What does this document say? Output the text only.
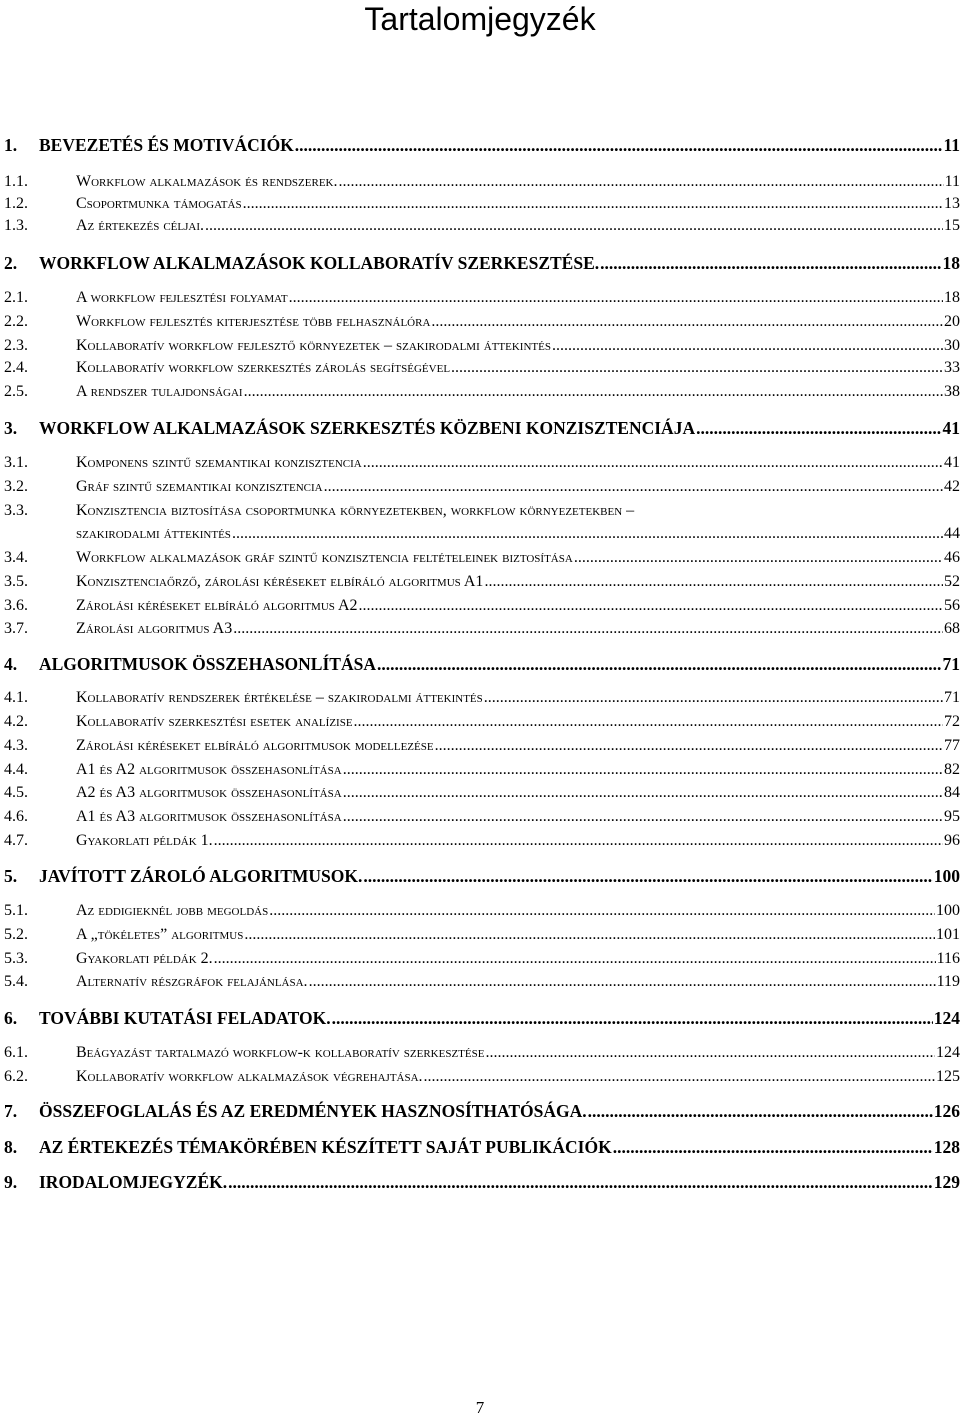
Tartalomjegyzék
1. BEVEZETÉS ÉS MOTIVÁCIÓK .....	11
1.1.	Workflow alkalmazások és rendszerek. .....	11
1.2.	Csoportmunka támogatás .....	13
1.3.	Az értekezés céljai. .....	15
2. WORKFLOW ALKALMAZÁSOK KOLLABORATÍV SZERKESZTÉSE. .....	18
2.1.	A workflow fejlesztési folyamat .....	18
2.2.	Workflow fejlesztés kiterjesztése több felhasználóra .....	20
2.3.	Kollaboratív workflow fejlesztő környezetek – szakirodalmi áttekintés .....	30
2.4.	Kollaboratív workflow szerkesztés zárolás segítségével .....	33
2.5.	A rendszer tulajdonságai .....	38
3. WORKFLOW ALKALMAZÁSOK SZERKESZTÉS KÖZBENI KONZISZTENCIÁJA .....	41
3.1.	Komponens szintű szemantikai konzisztencia .....	41
3.2.	Gráf szintű szemantikai konzisztencia .....	42
3.3.	Konzisztencia biztosítása csoportmunka környezetekben, workflow környezetekben –
szakirodalmi áttekintés .....	44
3.4.	Workflow alkalmazások gráf szintű konzisztencia feltételeinek biztosítása .....	46
3.5.	Konzisztenciaőrző, zárolási kéréseket elbíráló algoritmus A1 .....	52
3.6.	Zárolási kéréseket elbíráló algoritmus A2 .....	56
3.7.	Zárolási algoritmus A3 .....	68
4. ALGORITMUSOK ÖSSZEHASONLÍTÁSA .....	71
4.1.	Kollaboratív rendszerek értékelése – szakirodalmi áttekintés .....	71
4.2.	Kollaboratív szerkesztési esetek analízise .....	72
4.3.	Zárolási kéréseket elbíráló algoritmusok modellezése .....	77
4.4.	A1 és A2 algoritmusok összehasonlítása .....	82
4.5.	A2 és A3 algoritmusok összehasonlítása .....	84
4.6.	A1 és A3 algoritmusok összehasonlítása .....	95
4.7.	Gyakorlati példák 1. .....	96
5. JAVÍTOTT ZÁROLÓ ALGORITMUSOK. .....	100
5.1.	Az eddigieknél jobb megoldás .....	100
5.2.	A „tökéletes” algoritmus .....	101
5.3.	Gyakorlati példák 2. .....	116
5.4.	Alternatív részgráfok felajánlása. .....	119
6. TOVÁBBI KUTATÁSI FELADATOK. .....	124
6.1.	Beágyazást tartalmazó workflow-k kollaboratív szerkesztése .....	124
6.2.	Kollaboratív workflow alkalmazások végrehajtása. .....	125
7. ÖSSZEFOGLALÁS ÉS AZ EREDMÉNYEK HASZNOSÍTHATÓSÁGA. .....	126
8. AZ ÉRTEKEZÉS TÉMAKÖRÉBEN KÉSZÍTETT SAJÁT PUBLIKÁCIÓK .....	128
9. IRODALOMJEGYZÉK. .....	129
7
